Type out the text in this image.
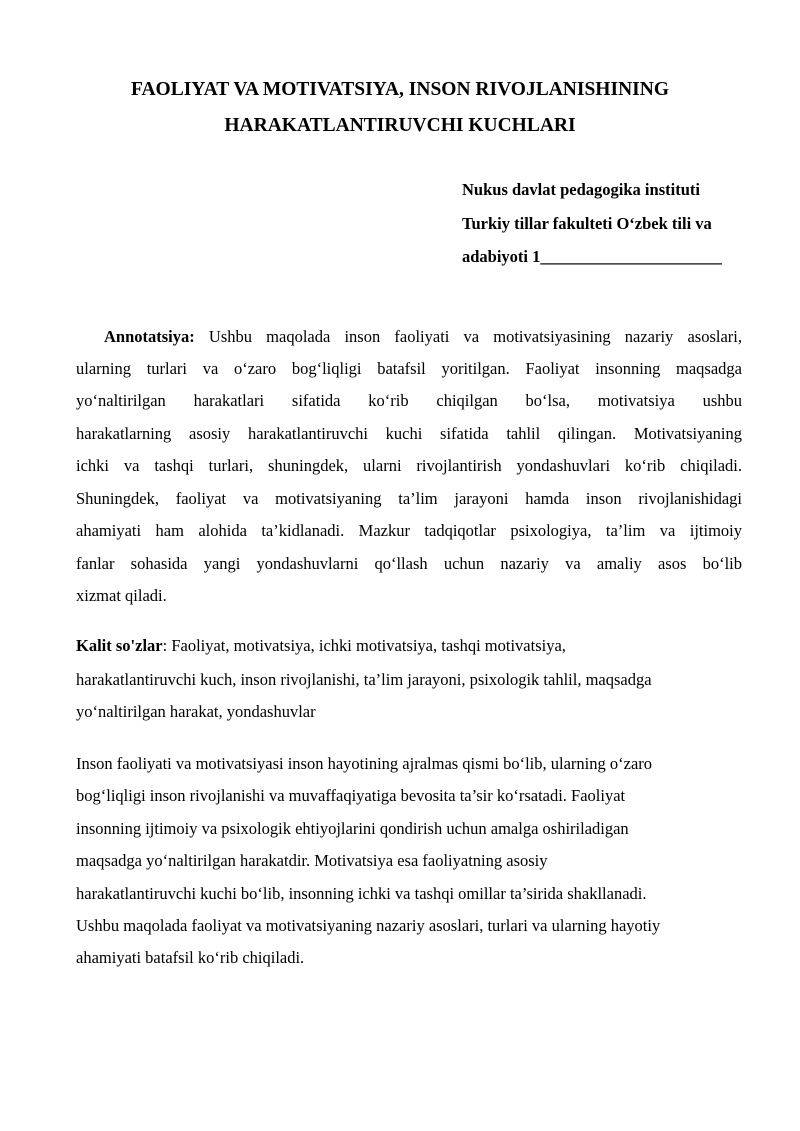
FAOLIYAT VA MOTIVATSIYA, INSON RIVOJLANISHINING
HARAKATLANTIRUVCHI KUCHLARI

Nukus davlat pedagogika instituti

Turkiy tillar fakulteti O‘zbek tili va

adabiyoti 1______________________

Annotatsiya: Ushbu maqolada inson faoliyati va motivatsiyasining nazariy asoslari,

ularning turlari va o‘zaro bog‘liqligi batafsil yoritilgan. Faoliyat insonning maqsadga

yo‘naltirilgan harakatlari sifatida ko‘rib chiqilgan bo‘lsa, motivatsiya ushbu

harakatlarning asosiy harakatlantiruvchi kuchi sifatida tahlil qilingan. Motivatsiyaning

ichki va tashqi turlari, shuningdek, ularni rivojlantirish yondashuvlari ko‘rib chiqiladi.

Shuningdek, faoliyat va motivatsiyaning ta’lim jarayoni hamda inson rivojlanishidagi

ahamiyati ham alohida ta’kidlanadi. Mazkur tadqiqotlar psixologiya, ta’lim va ijtimoiy

fanlar sohasida yangi yondashuvlarni qo‘llash uchun nazariy va amaliy asos bo‘lib

xizmat qiladi.

Kalit so'zlar: Faoliyat, motivatsiya, ichki motivatsiya, tashqi motivatsiya,

harakatlantiruvchi kuch, inson rivojlanishi, ta’lim jarayoni, psixologik tahlil, maqsadga

yo‘naltirilgan harakat, yondashuvlar

Inson faoliyati va motivatsiyasi inson hayotining ajralmas qismi bo‘lib, ularning o‘zaro

bog‘liqligi inson rivojlanishi va muvaffaqiyatiga bevosita ta’sir ko‘rsatadi. Faoliyat

insonning ijtimoiy va psixologik ehtiyojlarini qondirish uchun amalga oshiriladigan

maqsadga yo‘naltirilgan harakatdir. Motivatsiya esa faoliyatning asosiy

harakatlantiruvchi kuchi bo‘lib, insonning ichki va tashqi omillar ta’sirida shakllanadi.

Ushbu maqolada faoliyat va motivatsiyaning nazariy asoslari, turlari va ularning hayotiy

ahamiyati batafsil ko‘rib chiqiladi.
